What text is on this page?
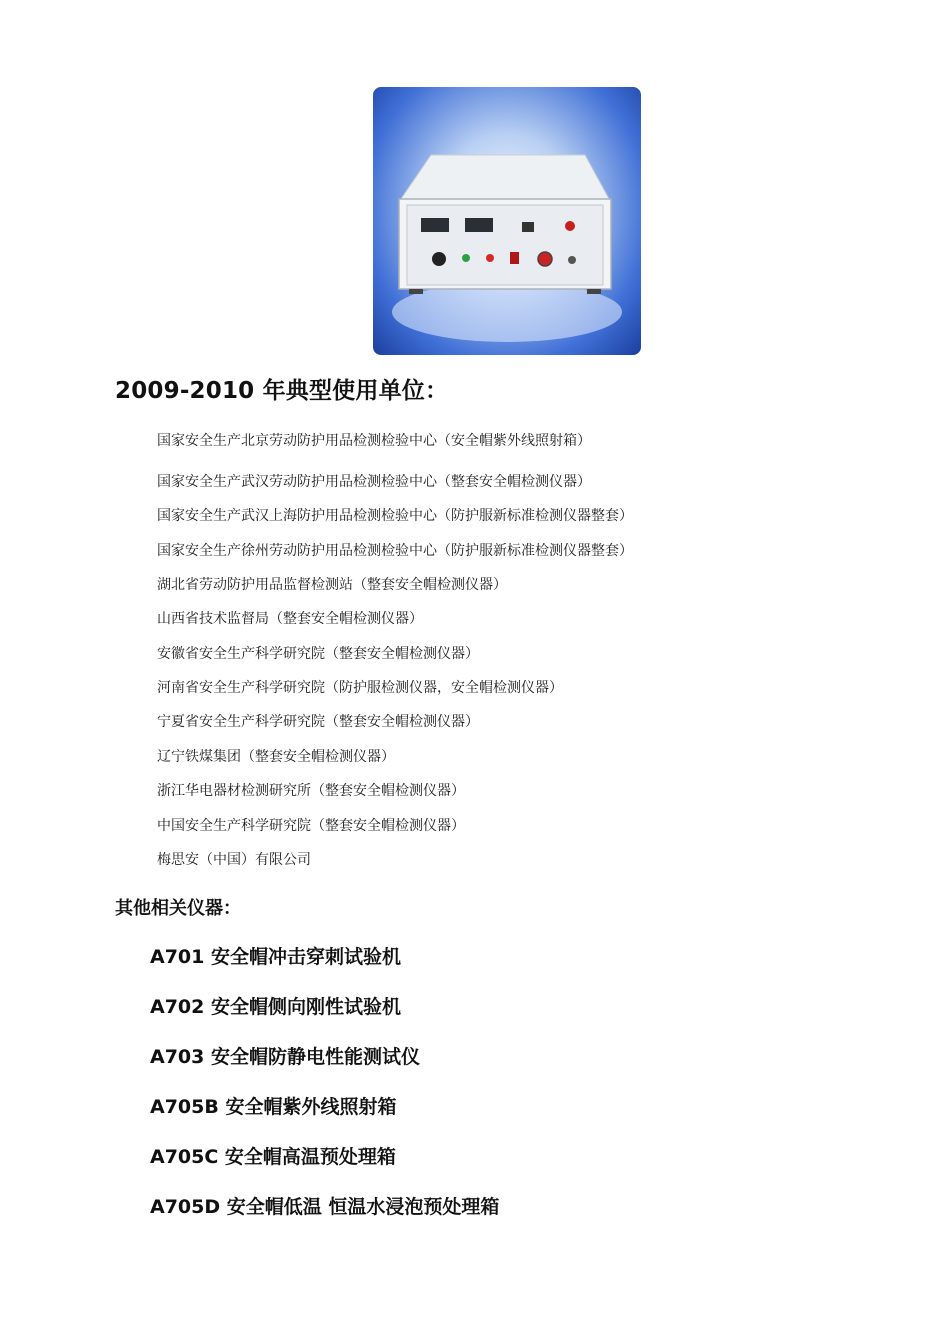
2009-2010 年典型使用单位：
国家安全生产北京劳动防护用品检测检验中心（安全帽紫外线照射箱）
国家安全生产武汉劳动防护用品检测检验中心（整套安全帽检测仪器）
国家安全生产武汉上海防护用品检测检验中心（防护服新标准检测仪器整套）
国家安全生产徐州劳动防护用品检测检验中心（防护服新标准检测仪器整套）
湖北省劳动防护用品监督检测站（整套安全帽检测仪器）
山西省技术监督局（整套安全帽检测仪器）
安徽省安全生产科学研究院（整套安全帽检测仪器）
河南省安全生产科学研究院（防护服检测仪器，安全帽检测仪器）
宁夏省安全生产科学研究院（整套安全帽检测仪器）
辽宁铁煤集团（整套安全帽检测仪器）
浙江华电器材检测研究所（整套安全帽检测仪器）
中国安全生产科学研究院（整套安全帽检测仪器）
梅思安（中国）有限公司
其他相关仪器：
A701 安全帽冲击穿刺试验机
A702 安全帽侧向刚性试验机
A703 安全帽防静电性能测试仪
A705B 安全帽紫外线照射箱
A705C 安全帽高温预处理箱
A705D 安全帽低温 恒温水浸泡预处理箱
